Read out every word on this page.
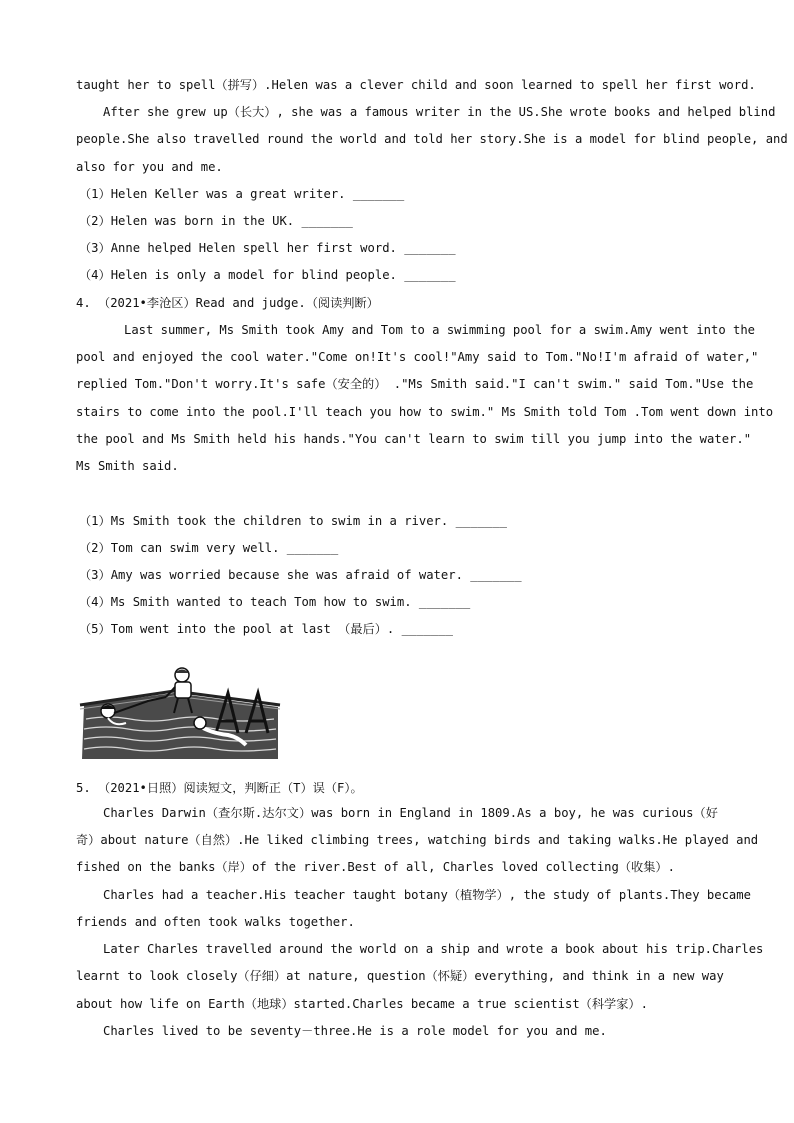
taught her to spell（拼写）.Helen was a clever child and soon learned to spell her first word.
After she grew up（长大）, she was a famous writer in the US.She wrote books and helped blind
people.She also travelled round the world and told her story.She is a model for blind people, and
also for you and me.
（1）Helen Keller was a great writer. _______
（2）Helen was born in the UK. _______
（3）Anne helped Helen spell her first word. _______
（4）Helen is only a model for blind people. _______
4. （2021•李沧区）Read and judge.（阅读判断）
Last summer, Ms Smith took Amy and Tom to a swimming pool for a swim.Amy went into the
pool and enjoyed the cool water."Come on!It's cool!"Amy said to Tom."No!I'm afraid of water,"
replied Tom."Don't worry.It's safe（安全的） ."Ms Smith said."I can't swim." said Tom."Use the
stairs to come into the pool.I'll teach you how to swim." Ms Smith told Tom .Tom went down into
the pool and Ms Smith held his hands."You can't learn to swim till you jump into the water."
Ms Smith said.
（1）Ms Smith took the children to swim in a river. _______
（2）Tom can swim very well. _______
（3）Amy was worried because she was afraid of water. _______
（4）Ms Smith wanted to teach Tom how to swim. _______
（5）Tom went into the pool at last （最后）. _______
5. （2021•日照）阅读短文，判断正（T）误（F）。
Charles Darwin（查尔斯.达尔文）was born in England in 1809.As a boy, he was curious（好
奇）about nature（自然）.He liked climbing trees, watching birds and taking walks.He played and
fished on the banks（岸）of the river.Best of all, Charles loved collecting（收集）.
Charles had a teacher.His teacher taught botany（植物学）, the study of plants.They became
friends and often took walks together.
Later Charles travelled around the world on a ship and wrote a book about his trip.Charles
learnt to look closely（仔细）at nature, question（怀疑）everything, and think in a new way
about how life on Earth（地球）started.Charles became a true scientist（科学家）.
Charles lived to be seventy－three.He is a role model for you and me.
